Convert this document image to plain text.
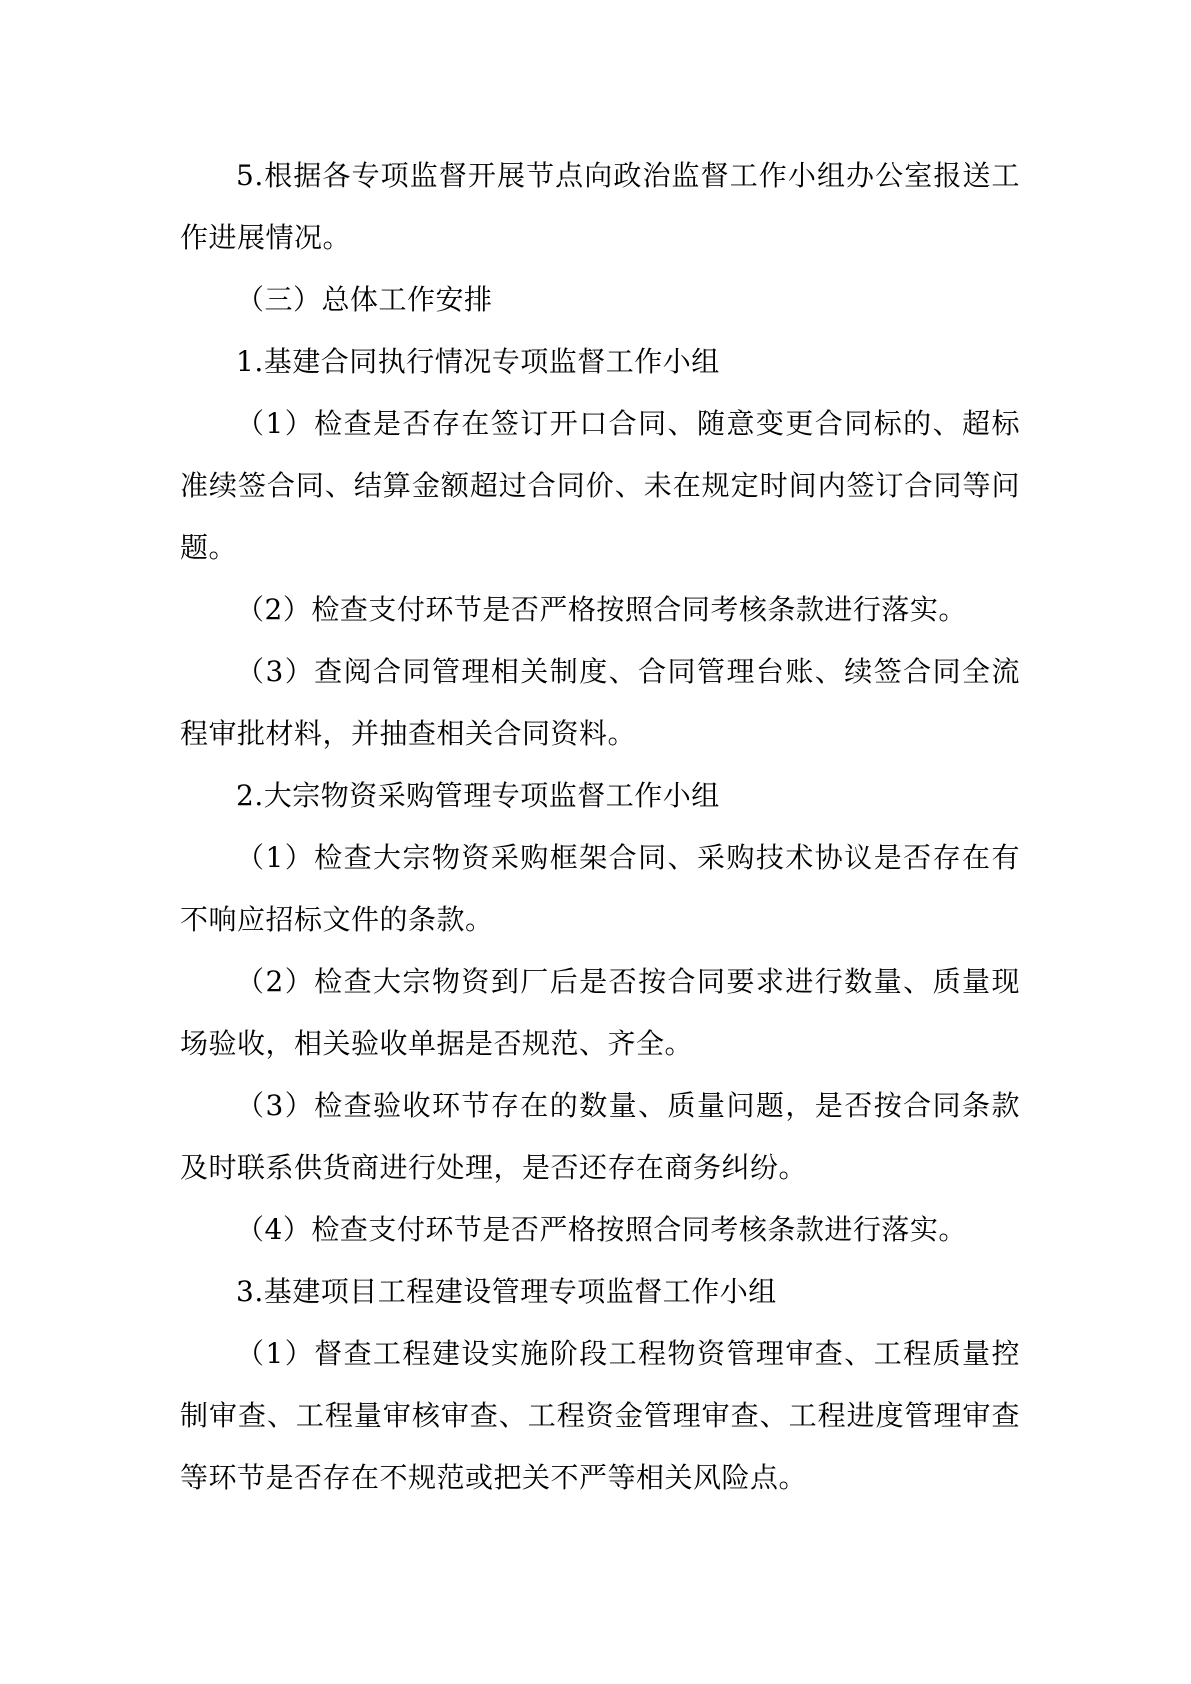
5.根据各专项监督开展节点向政治监督工作小组办公室报送工作进展情况。

（三）总体工作安排

1.基建合同执行情况专项监督工作小组

（1）检查是否存在签订开口合同、随意变更合同标的、超标准续签合同、结算金额超过合同价、未在规定时间内签订合同等问题。

（2）检查支付环节是否严格按照合同考核条款进行落实。

（3）查阅合同管理相关制度、合同管理台账、续签合同全流程审批材料，并抽查相关合同资料。

2.大宗物资采购管理专项监督工作小组

（1）检查大宗物资采购框架合同、采购技术协议是否存在有不响应招标文件的条款。

（2）检查大宗物资到厂后是否按合同要求进行数量、质量现场验收，相关验收单据是否规范、齐全。

（3）检查验收环节存在的数量、质量问题，是否按合同条款及时联系供货商进行处理，是否还存在商务纠纷。

（4）检查支付环节是否严格按照合同考核条款进行落实。

3.基建项目工程建设管理专项监督工作小组

（1）督查工程建设实施阶段工程物资管理审查、工程质量控制审查、工程量审核审查、工程资金管理审查、工程进度管理审查等环节是否存在不规范或把关不严等相关风险点。
